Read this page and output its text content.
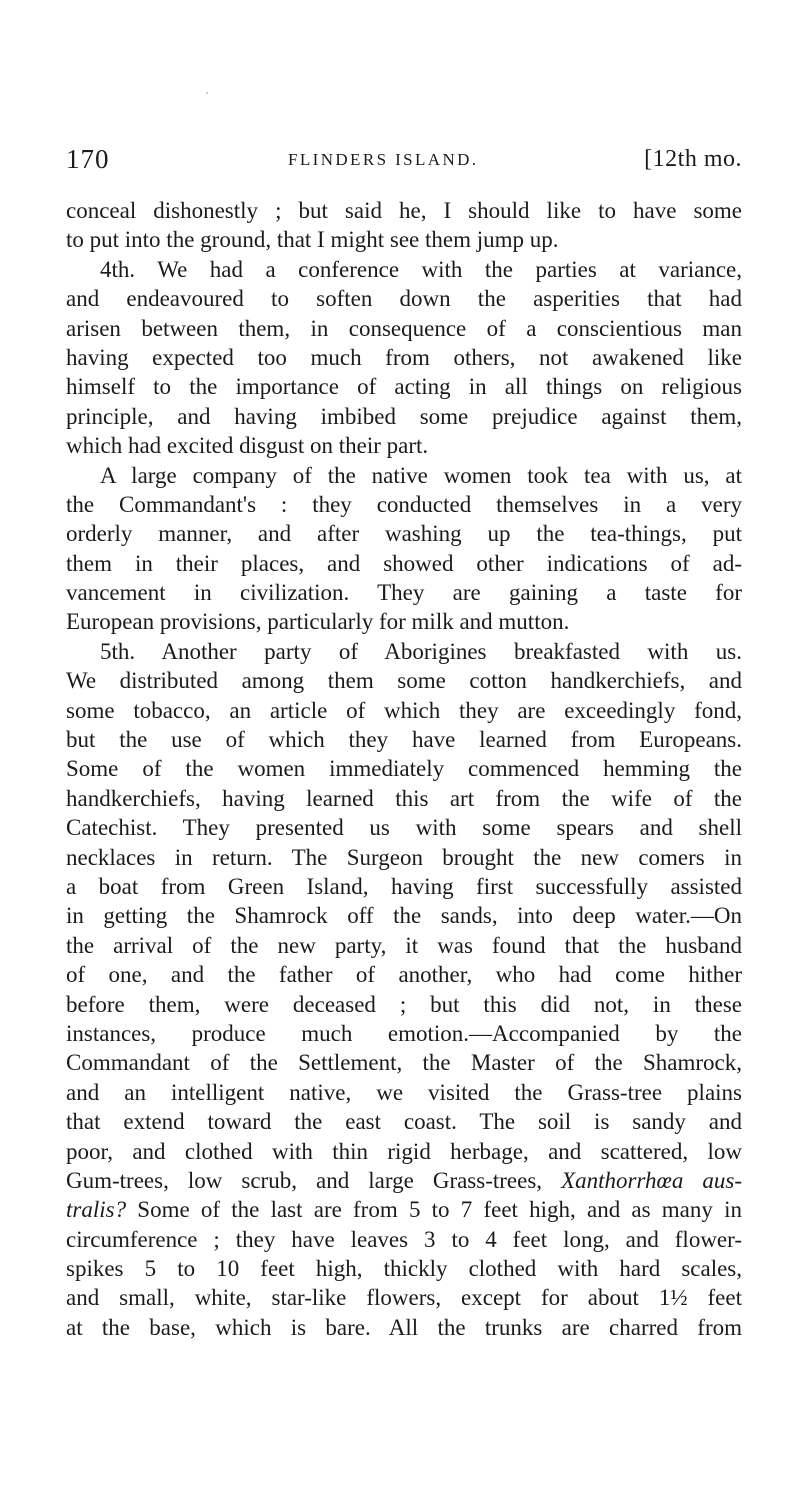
170	FLINDERS ISLAND.	[12th mo.
conceal dishonestly ; but said he, I should like to have some
to put into the ground, that I might see them jump up.
4th. We had a conference with the parties at variance,
and endeavoured to soften down the asperities that had
arisen between them, in consequence of a conscientious man
having expected too much from others, not awakened like
himself to the importance of acting in all things on religious
principle, and having imbibed some prejudice against them,
which had excited disgust on their part.
A large company of the native women took tea with us, at
the Commandant's : they conducted themselves in a very
orderly manner, and after washing up the tea-things, put
them in their places, and showed other indications of ad-
vancement in civilization. They are gaining a taste for
European provisions, particularly for milk and mutton.
5th. Another party of Aborigines breakfasted with us.
We distributed among them some cotton handkerchiefs, and
some tobacco, an article of which they are exceedingly fond,
but the use of which they have learned from Europeans.
Some of the women immediately commenced hemming the
handkerchiefs, having learned this art from the wife of the
Catechist. They presented us with some spears and shell
necklaces in return. The Surgeon brought the new comers in
a boat from Green Island, having first successfully assisted
in getting the Shamrock off the sands, into deep water.—On
the arrival of the new party, it was found that the husband
of one, and the father of another, who had come hither
before them, were deceased ; but this did not, in these
instances, produce much emotion.—Accompanied by the
Commandant of the Settlement, the Master of the Shamrock,
and an intelligent native, we visited the Grass-tree plains
that extend toward the east coast. The soil is sandy and
poor, and clothed with thin rigid herbage, and scattered, low
Gum-trees, low scrub, and large Grass-trees, Xanthorrhœa aus-
tralis? Some of the last are from 5 to 7 feet high, and as many in
circumference ; they have leaves 3 to 4 feet long, and flower-
spikes 5 to 10 feet high, thickly clothed with hard scales,
and small, white, star-like flowers, except for about 1½ feet
at the base, which is bare. All the trunks are charred from
